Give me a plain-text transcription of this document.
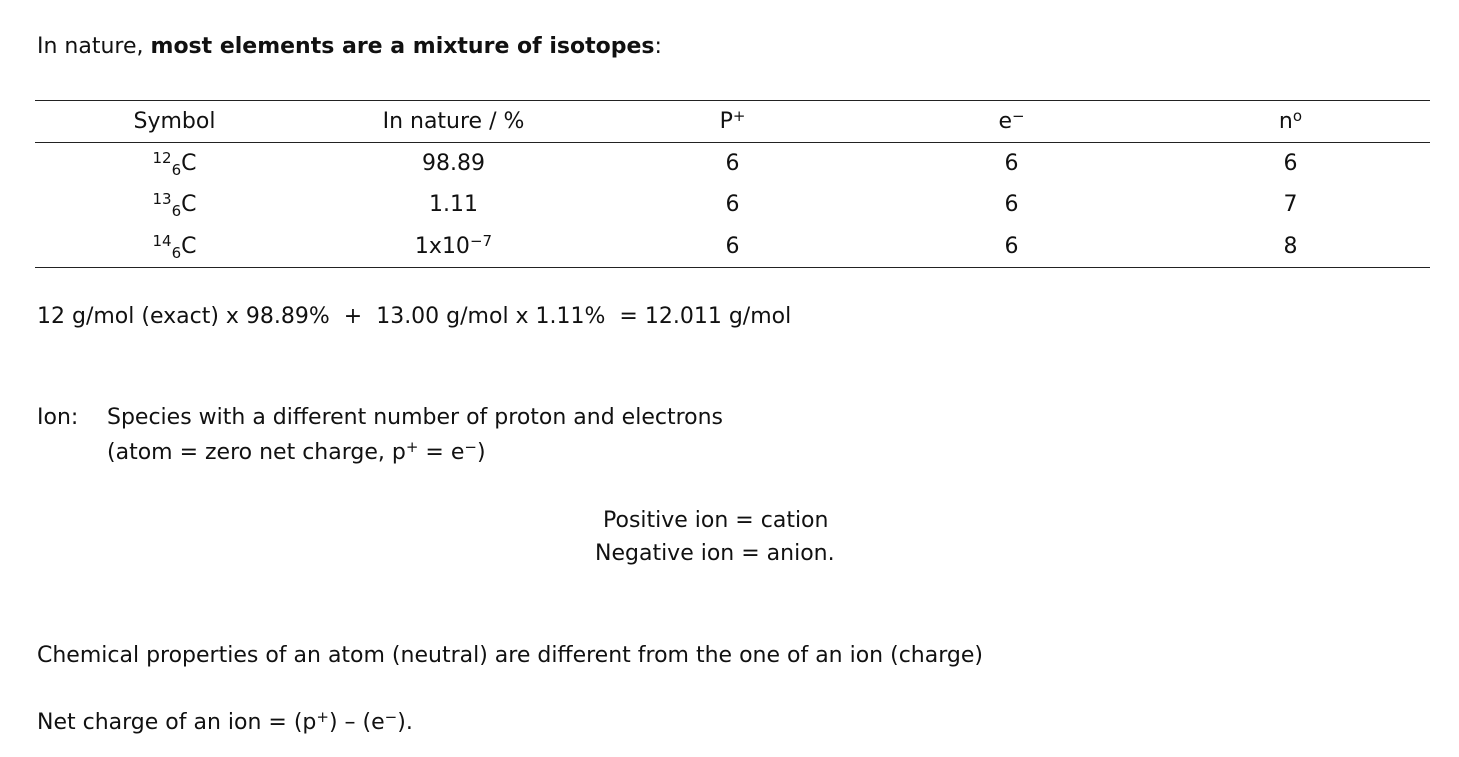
In nature, most elements are a mixture of isotopes:
Symbol	In nature / %	P+	e−	$n^o$
$^{12}_6$C	98.89	6	6	6
$^{13}_6$C	1.11	6	6	7
$^{14}_6$C	$1x10^{-7}$	6	6	8
12 g/mol (exact) x 98.89%  +  13.00 g/mol x 1.11%  = 12.011 g/mol
Ion: Species with a different number of proton and electrons
(atom = zero net charge, p+ = e−)
Positive ion = cation
Negative ion = anion.
Chemical properties of an atom (neutral) are different from the one of an ion (charge)
Net charge of an ion = (p+) – (e−).
